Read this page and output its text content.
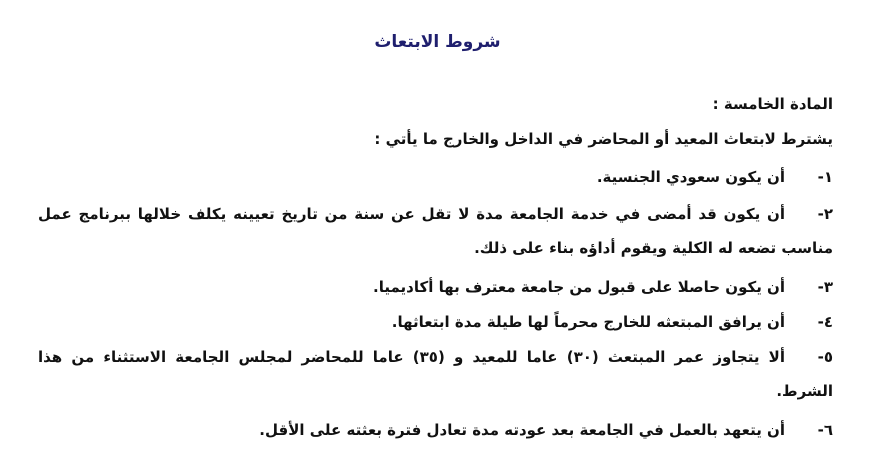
شروط الابتعاث
المادة الخامسة :
يشترط لابتعاث المعيد أو المحاضر في الداخل والخارج ما يأتي :
١-أن يكون سعودي الجنسية.
٢-أن يكون قد أمضى في خدمة الجامعة مدة لا تقل عن سنة من تاريخ تعيينه يكلف خلالها ببرنامج عمل مناسب تضعه له الكلية ويقوم أداؤه بناء على ذلك.
٣-أن يكون حاصلا على قبول من جامعة معترف بها أكاديميا.
٤-أن يرافق المبتعثه للخارج محرماً لها طيلة مدة ابتعاثها.
٥-ألا يتجاوز عمر المبتعث (٣٠) عاما للمعيد و (٣٥) عاما للمحاضر لمجلس الجامعة الاستثناء من هذا الشرط.
٦-أن يتعهد بالعمل في الجامعة بعد عودته مدة تعادل فترة بعثته على الأقل.
